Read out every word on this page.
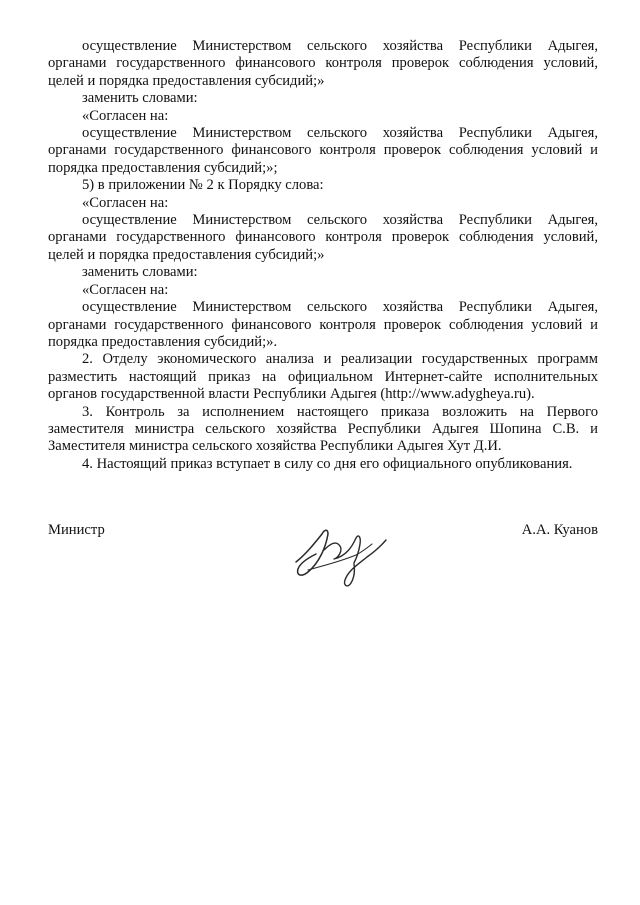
осуществление Министерством сельского хозяйства Республики Адыгея, органами государственного финансового контроля проверок соблюдения условий, целей и порядка предоставления субсидий;»

заменить словами:

«Согласен на:

осуществление Министерством сельского хозяйства Республики Адыгея, органами государственного финансового контроля проверок соблюдения условий и порядка предоставления субсидий;»;

5) в приложении № 2 к Порядку слова:

«Согласен на:

осуществление Министерством сельского хозяйства Республики Адыгея, органами государственного финансового контроля проверок соблюдения условий, целей и порядка предоставления субсидий;»

заменить словами:

«Согласен на:

осуществление Министерством сельского хозяйства Республики Адыгея, органами государственного финансового контроля проверок соблюдения условий и порядка предоставления субсидий;».

2. Отделу экономического анализа и реализации государственных программ разместить настоящий приказ на официальном Интернет-сайте исполнительных органов государственной власти Республики Адыгея (http://www.adygheya.ru).

3. Контроль за исполнением настоящего приказа возложить на Первого заместителя министра сельского хозяйства Республики Адыгея Шопина С.В. и Заместителя министра сельского хозяйства Республики Адыгея Хут Д.И.

4. Настоящий приказ вступает в силу со дня его официального опубликования.

Министр	А.А. Куанов
